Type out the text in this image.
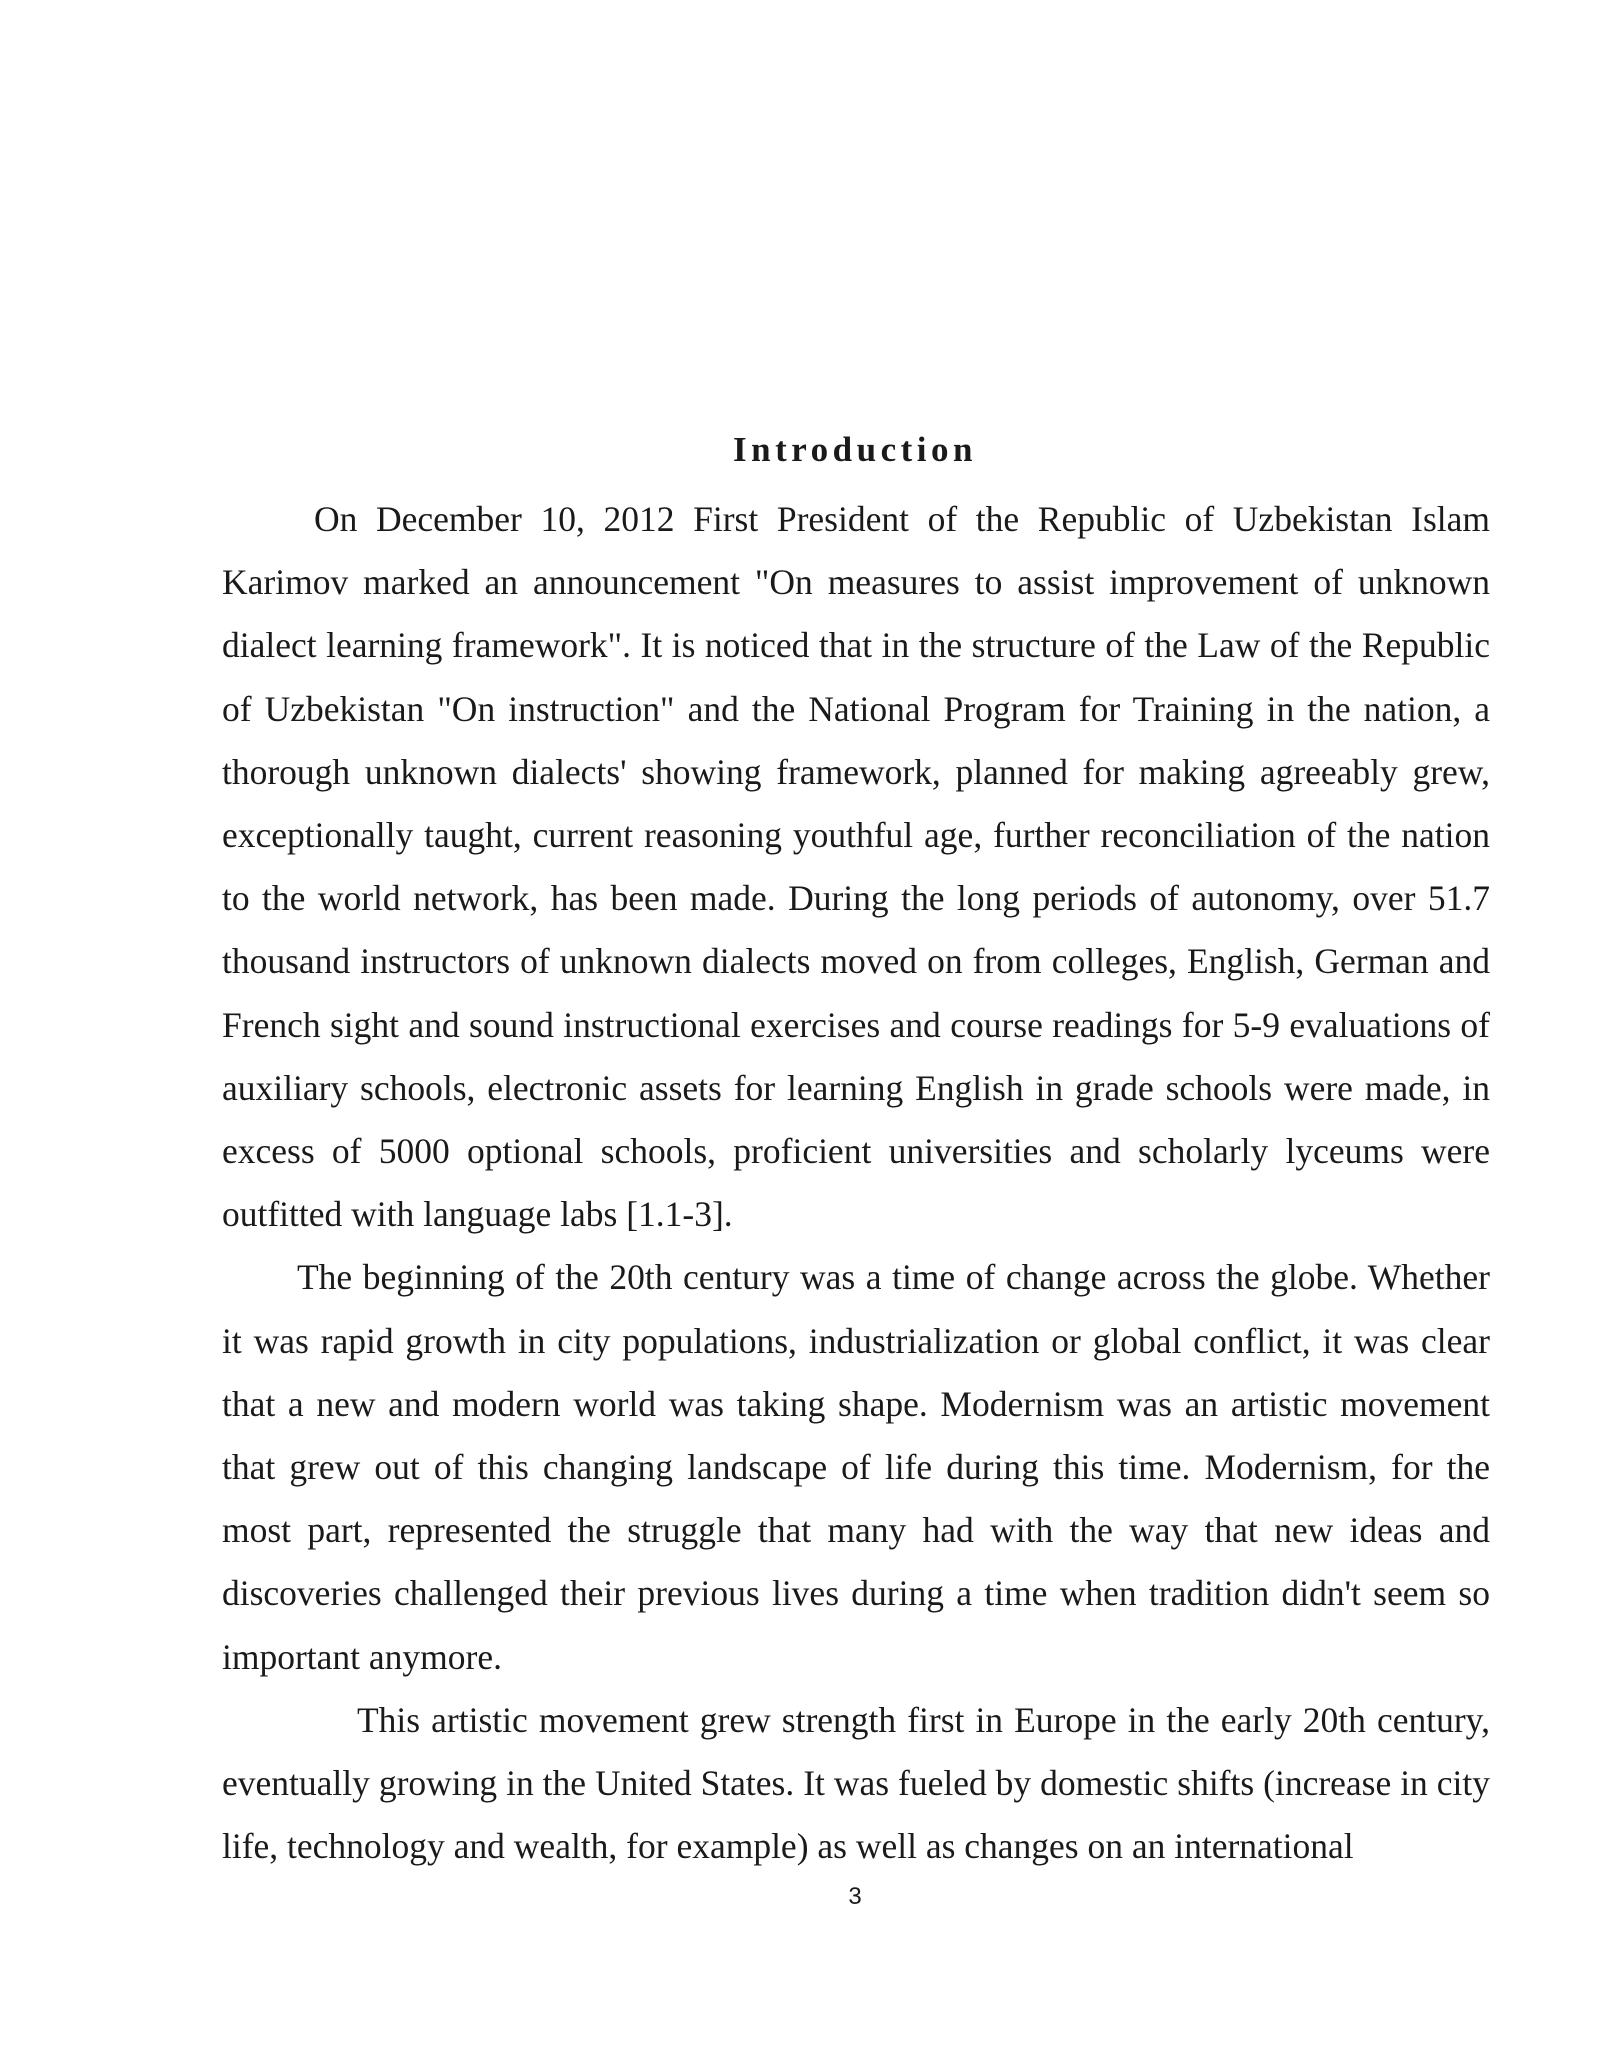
Introduction

On December 10, 2012 First President of the Republic of Uzbekistan Islam Karimov marked an announcement "On measures to assist improvement of unknown dialect learning framework". It is noticed that in the structure of the Law of the Republic of Uzbekistan "On instruction" and the National Program for Training in the nation, a thorough unknown dialects' showing framework, planned for making agreeably grew, exceptionally taught, current reasoning youthful age, further reconciliation of the nation to the world network, has been made. During the long periods of autonomy, over 51.7 thousand instructors of unknown dialects moved on from colleges, English, German and French sight and sound instructional exercises and course readings for 5-9 evaluations of auxiliary schools, electronic assets for learning English in grade schools were made, in excess of 5000 optional schools, proficient universities and scholarly lyceums were outfitted with language labs [1.1-3].

The beginning of the 20th century was a time of change across the globe. Whether it was rapid growth in city populations, industrialization or global conflict, it was clear that a new and modern world was taking shape. Modernism was an artistic movement that grew out of this changing landscape of life during this time. Modernism, for the most part, represented the struggle that many had with the way that new ideas and discoveries challenged their previous lives during a time when tradition didn't seem so important anymore.

This artistic movement grew strength first in Europe in the early 20th century, eventually growing in the United States. It was fueled by domestic shifts (increase in city life, technology and wealth, for example) as well as changes on an international

3
